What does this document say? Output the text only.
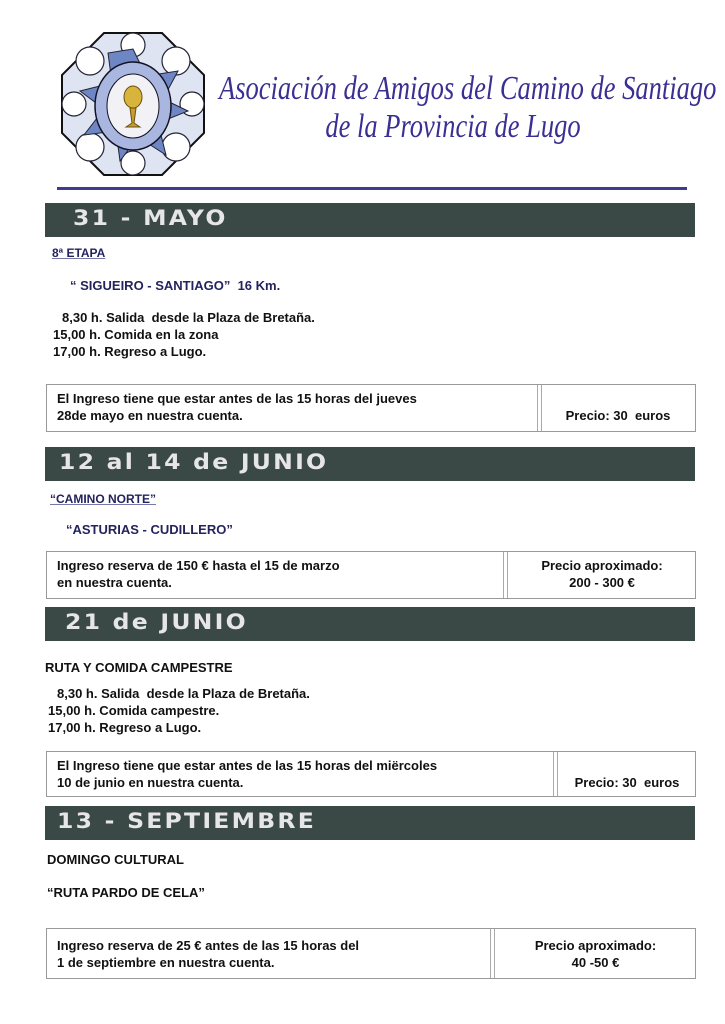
Asociación de Amigos del Camino de Santiago
de la Provincia de Lugo
31 - MAYO
8ª ETAPA
“ SIGUEIRO - SANTIAGO”  16 Km.
8,30 h. Salida  desde la Plaza de Bretaña.
15,00 h. Comida en la zona
17,00 h. Regreso a Lugo.
El Ingreso tiene que estar antes de las 15 horas del jueves
28de mayo en nuestra cuenta.	Precio: 30  euros
12 al 14 de JUNIO
“CAMINO NORTE”
“ASTURIAS - CUDILLERO”
Ingreso reserva de 150 € hasta el 15 de marzo
en nuestra cuenta.
Precio aproximado:
200 - 300 €
21 de JUNIO
RUTA Y COMIDA CAMPESTRE
8,30 h. Salida  desde la Plaza de Bretaña.
15,00 h. Comida campestre.
17,00 h. Regreso a Lugo.
El Ingreso tiene que estar antes de las 15 horas del miërcoles
10 de junio en nuestra cuenta.	Precio: 30  euros
13 - SEPTIEMBRE
DOMINGO CULTURAL
“RUTA PARDO DE CELA”
Ingreso reserva de 25 € antes de las 15 horas del
1 de septiembre en nuestra cuenta.
Precio aproximado:
40 -50 €
